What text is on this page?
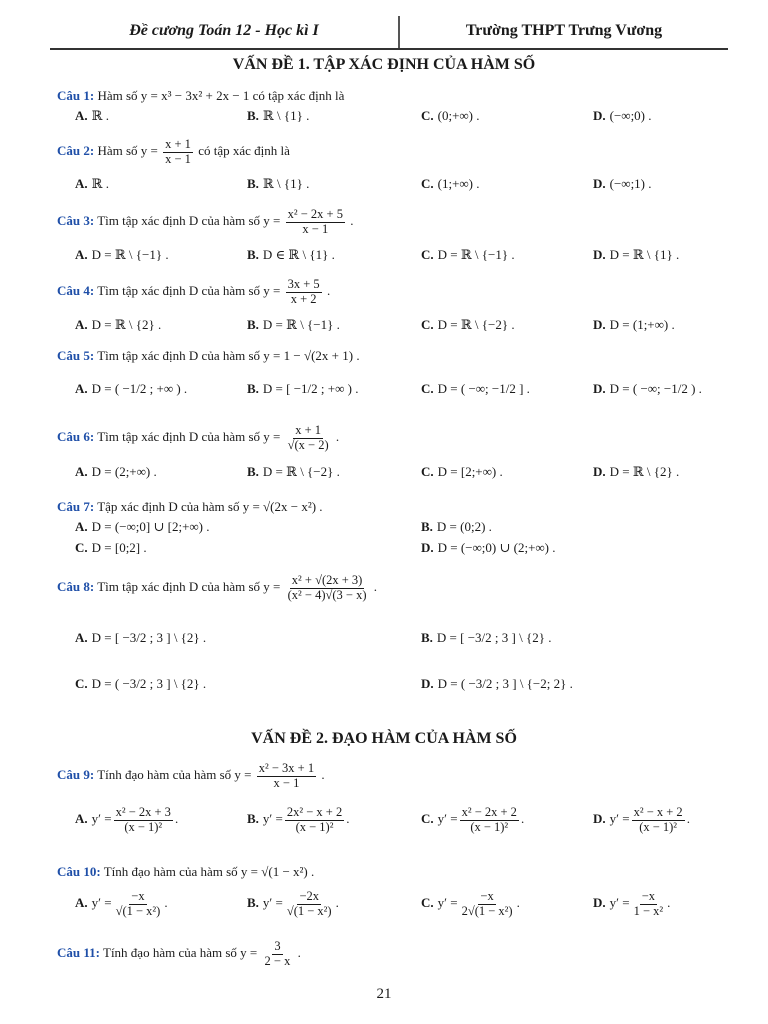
Đề cương Toán 12 - Học kì I	Trường THPT Trưng Vương
VẤN ĐỀ 1. TẬP XÁC ĐỊNH CỦA HÀM SỐ
Câu 1: Hàm số y = x³ − 3x² + 2x − 1 có tập xác định là
A. ℝ .	B. ℝ \ {1} .	C. (0;+∞) .	D. (−∞;0) .
Câu 2: Hàm số $y = \frac{x + 1}{x - 1}$ có tập xác định là
A. ℝ .	B. ℝ \ {1} .	C. (1;+∞) .	D. (−∞;1) .
Câu 3: Tìm tập xác định D của hàm số $y = \frac{\text{x² − 2x + 5}}{x - 1}$ .
A. D = ℝ \ {−1} .	B. D ∈ ℝ \ {1} .	C. D = ℝ \ {−1} .	D. D = ℝ \ {1} .
Câu 4: Tìm tập xác định D của hàm số $y = \frac{3x + 5}{x + 2}$ .
A. D = ℝ \ {2} .	B. D = ℝ \ {−1} .	C. D = ℝ \ {−2} .	D. D = (1;+∞) .
Câu 5: Tìm tập xác định D của hàm số y = 1 − √(2x + 1) .
A. D = ( −1/2 ; +∞ ) .	B. D = [ −1/2 ; +∞ ) .	C. D = ( −∞; −1/2 ] .	D. D = ( −∞; −1/2 ) .
Câu 6: Tìm tập xác định D của hàm số $y = \frac{x + 1}{√(x - 2)}$ .
A. D = (2;+∞) .	B. D = ℝ \ {−2} .	C. D = [2;+∞) .	D. D = ℝ \ {2} .
Câu 7: Tập xác định D của hàm số y = √(2x − x²) .
A. D = (−∞;0] ∪ [2;+∞) .	B. D = (0;2) .
C. D = [0;2] .	D. D = (−∞;0) ∪ (2;+∞) .
Câu 8: Tìm tập xác định D của hàm số $y = \frac{\text{x² + √(2x + 3)}}{\text{(x² − 4)√(3 − x)}}$ .
A. D = [ −3/2 ; 3 ] \ {2} .	B. D = [ −3/2 ; 3 ] \ {2} .
C. D = ( −3/2 ; 3 ] \ {2} .	D. D = ( −3/2 ; 3 ] \ {−2; 2} .
VẤN ĐỀ 2. ĐẠO HÀM CỦA HÀM SỐ
Câu 9: Tính đạo hàm của hàm số $y = \frac{\text{x² − 3x + 1}}{x - 1}$ .
A. $y' = \frac{\text{x² − 2x + 3}}{\text{(x − 1)²}}$ .	B. $y' = \frac{\text{2x² − x + 2}}{\text{(x − 1)²}}$ .	C. $y' = \frac{\text{x² − 2x + 2}}{\text{(x − 1)²}}$ .	D. $y' = \frac{\text{x² − x + 2}}{\text{(x − 1)²}}$ .
Câu 10: Tính đạo hàm của hàm số y = √(1 − x²) .
A. $y' = \frac{-x}{\text{√(1 − x²)}}$ .	B. $y' = \frac{-2x}{\text{√(1 − x²)}}$ .	C. $y' = \frac{-x}{\text{2√(1 − x²)}}$ .	D. $y' = \frac{-x}{\text{1 − x²}}$ .
Câu 11: Tính đạo hàm của hàm số $y = \frac{3}{2 - x}$ .
21
